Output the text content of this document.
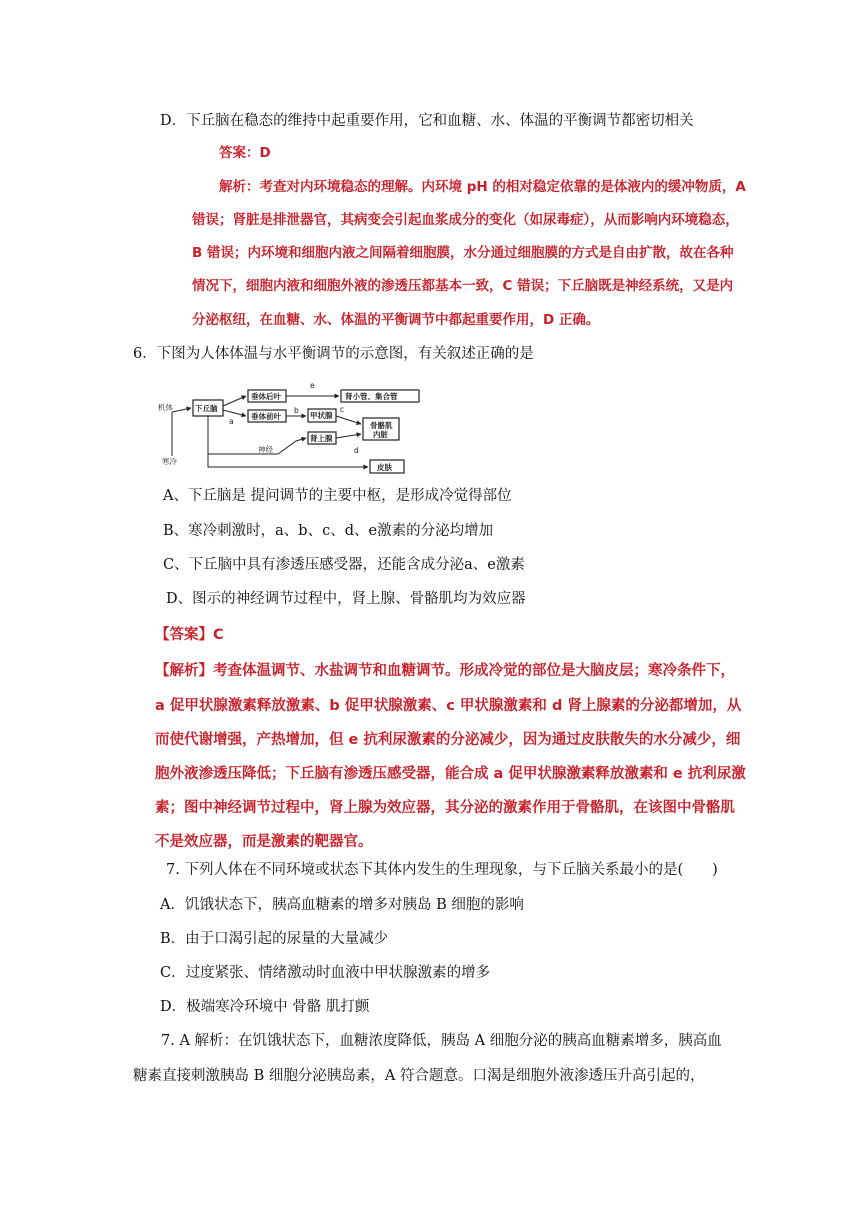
D．下丘脑在稳态的维持中起重要作用，它和血糖、水、体温的平衡调节都密切相关
答案：D
解析：考查对内环境稳态的理解。内环境 pH 的相对稳定依靠的是体液内的缓冲物质，A
错误；肾脏是排泄器官，其病变会引起血浆成分的变化（如尿毒症），从而影响内环境稳态，
B 错误；内环境和细胞内液之间隔着细胞膜，水分通过细胞膜的方式是自由扩散，故在各种
情况下，细胞内液和细胞外液的渗透压都基本一致，C 错误；下丘脑既是神经系统，又是内
分泌枢纽，在血糖、水、体温的平衡调节中都起重要作用，D 正确。
6．下图为人体体温与水平衡调节的示意图，有关叙述正确的是
机体
寒冷
下丘脑
垂体后叶
垂体前叶	甲状腺
肾上腺
肾小管、集合管
骨骼肌
内脏
皮肤
神经
a
b	c
d
e
A、下丘脑是 提问调节的主要中枢，是形成冷觉得部位
B、寒冷刺激时，a、b、c、d、e激素的分泌均增加
C、下丘脑中具有渗透压感受器，还能含成分泌a、e激素
D、图示的神经调节过程中，肾上腺、骨骼肌均为效应器
【答案】C
【解析】考查体温调节、水盐调节和血糖调节。形成冷觉的部位是大脑皮层；寒冷条件下，
a 促甲状腺激素释放激素、b 促甲状腺激素、c 甲状腺激素和 d 肾上腺素的分泌都增加，从
而使代谢增强，产热增加，但 e 抗利尿激素的分泌减少，因为通过皮肤散失的水分减少，细
胞外液渗透压降低；下丘脑有渗透压感受器，能合成 a 促甲状腺激素释放激素和 e 抗利尿激
素；图中神经调节过程中，肾上腺为效应器，其分泌的激素作用于骨骼肌，在该图中骨骼肌
不是效应器，而是激素的靶器官。
7. 下列人体在不同环境或状态下其体内发生的生理现象，与下丘脑关系最小的是(　　)
A．饥饿状态下，胰高血糖素的增多对胰岛 B 细胞的影响
B．由于口渴引起的尿量的大量减少
C．过度紧张、情绪激动时血液中甲状腺激素的增多
D．极端寒冷环境中 骨骼 肌打颤
7. A 解析：在饥饿状态下，血糖浓度降低，胰岛 A 细胞分泌的胰高血糖素增多，胰高血
糖素直接刺激胰岛 B 细胞分泌胰岛素，A 符合题意。口渴是细胞外液渗透压升高引起的，
